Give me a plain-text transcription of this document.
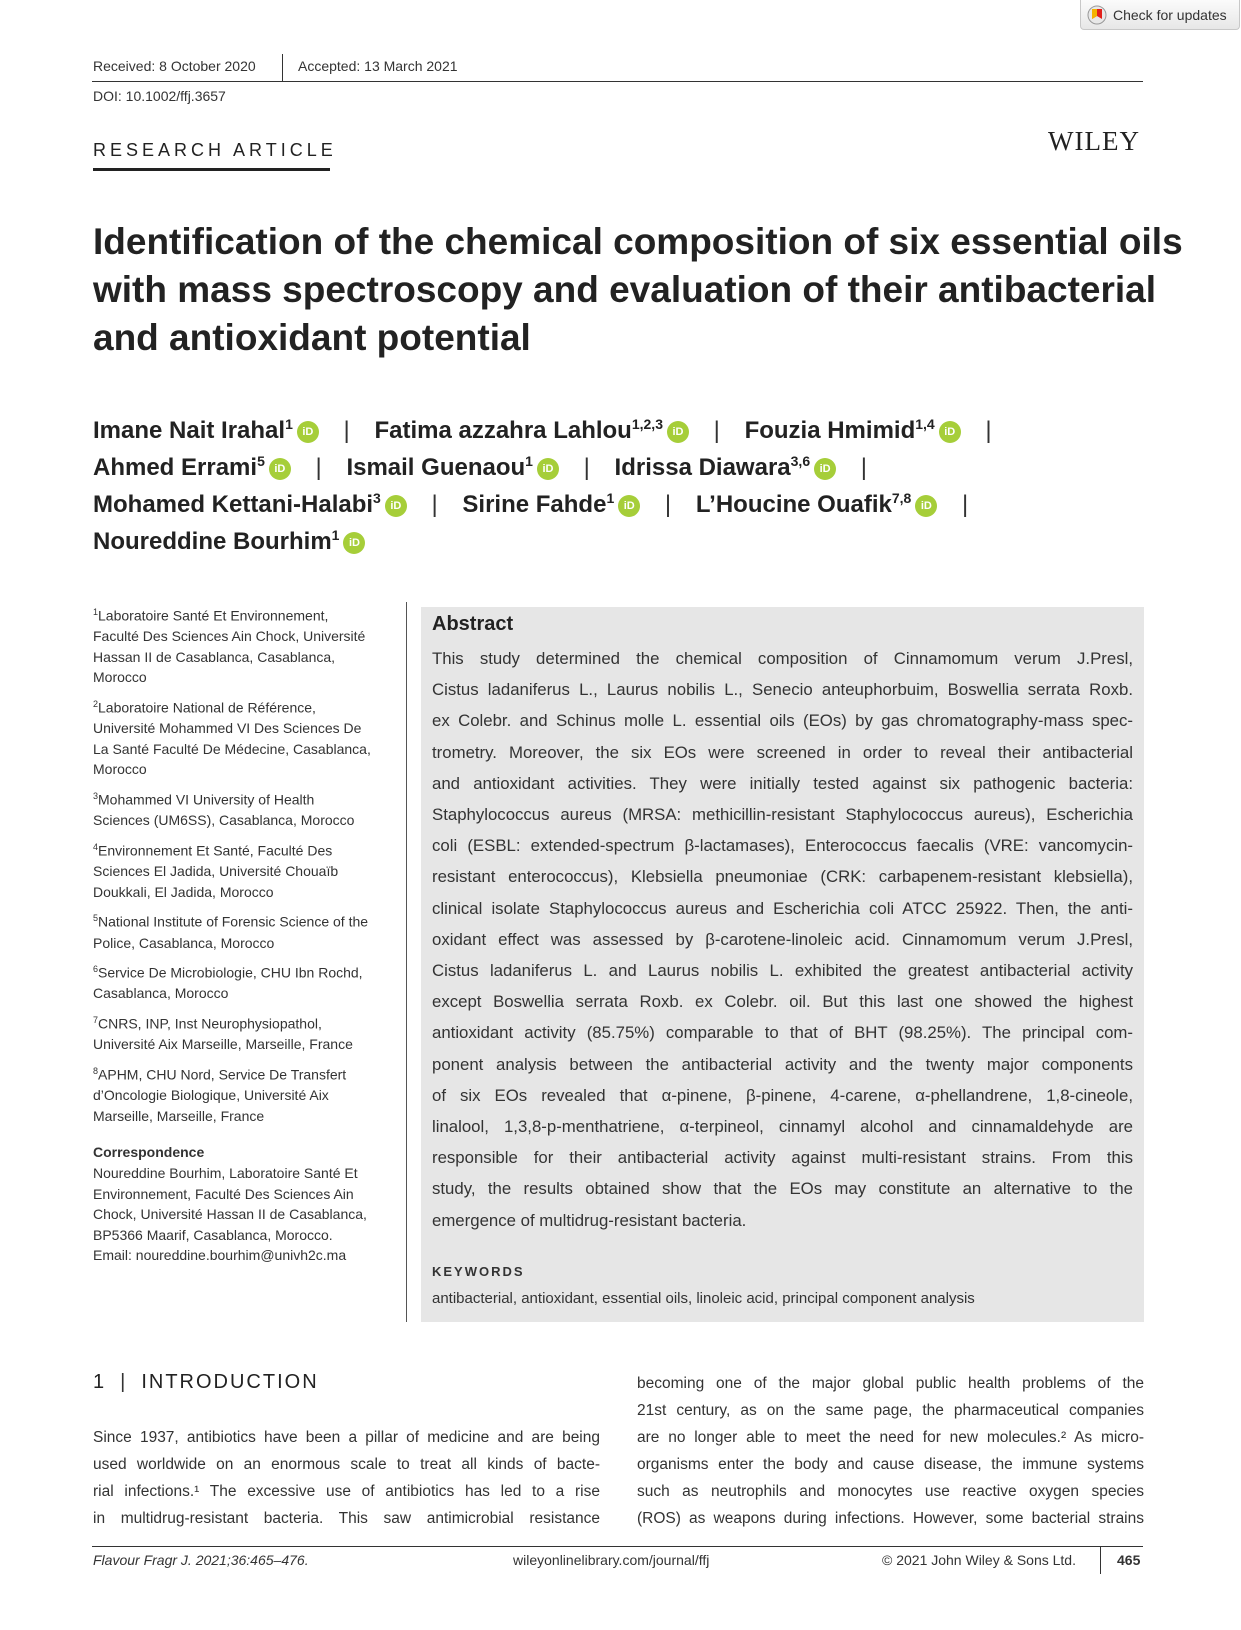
Check for updates
Received: 8 October 2020	Accepted: 13 March 2021
DOI: 10.1002/ffj.3657
RESEARCH ARTICLE	WILEY
Identification of the chemical composition of six essential oils
with mass spectroscopy and evaluation of their antibacterial
and antioxidant potential
Imane Nait Irahal$^1$ iD | Fatima azzahra Lahlou$^{1,2,3}$ iD | Fouzia Hmimid$^{1,4}$ iD |
Ahmed Errami$^5$ iD | Ismail Guenaou$^1$ iD | Idrissa Diawara$^{3,6}$ iD |
Mohamed Kettani-Halabi$^3$ iD | Sirine Fahde$^1$ iD | L’Houcine Ouafik$^{7,8}$ iD |
Noureddine Bourhim$^1$ iD
$^1$Laboratoire Santé Et Environnement,
Faculté Des Sciences Ain Chock, Université
Hassan II de Casablanca, Casablanca,
Morocco
$^2$Laboratoire National de Référence,
Université Mohammed VI Des Sciences De
La Santé Faculté De Médecine, Casablanca,
Morocco
$^3$Mohammed VI University of Health
Sciences (UM6SS), Casablanca, Morocco
$^4$Environnement Et Santé, Faculté Des
Sciences El Jadida, Université Chouaïb
Doukkali, El Jadida, Morocco
$^5$National Institute of Forensic Science of the
Police, Casablanca, Morocco
$^6$Service De Microbiologie, CHU Ibn Rochd,
Casablanca, Morocco
$^7$CNRS, INP, Inst Neurophysiopathol,
Université Aix Marseille, Marseille, France
$^8$APHM, CHU Nord, Service De Transfert
d’Oncologie Biologique, Université Aix
Marseille, Marseille, France
Correspondence
Noureddine Bourhim, Laboratoire Santé Et
Environnement, Faculté Des Sciences Ain
Chock, Université Hassan II de Casablanca,
BP5366 Maarif, Casablanca, Morocco.
Email: noureddine.bourhim@univh2c.ma
Abstract
This study determined the chemical composition of Cinnamomum verum J.Presl,
Cistus ladaniferus L., Laurus nobilis L., Senecio anteuphorbuim, Boswellia serrata Roxb.
ex Colebr. and Schinus molle L. essential oils (EOs) by gas chromatography-mass spec-
trometry. Moreover, the six EOs were screened in order to reveal their antibacterial
and antioxidant activities. They were initially tested against six pathogenic bacteria:
Staphylococcus aureus (MRSA: methicillin-resistant Staphylococcus aureus), Escherichia
coli (ESBL: extended-spectrum β-lactamases), Enterococcus faecalis (VRE: vancomycin-
resistant enterococcus), Klebsiella pneumoniae (CRK: carbapenem-resistant klebsiella),
clinical isolate Staphylococcus aureus and Escherichia coli ATCC 25922. Then, the anti-
oxidant effect was assessed by β-carotene-linoleic acid. Cinnamomum verum J.Presl,
Cistus ladaniferus L. and Laurus nobilis L. exhibited the greatest antibacterial activity
except Boswellia serrata Roxb. ex Colebr. oil. But this last one showed the highest
antioxidant activity (85.75%) comparable to that of BHT (98.25%). The principal com-
ponent analysis between the antibacterial activity and the twenty major components
of six EOs revealed that α-pinene, β-pinene, 4-carene, α-phellandrene, 1,8-cineole,
linalool, 1,3,8-p-menthatriene, α-terpineol, cinnamyl alcohol and cinnamaldehyde are
responsible for their antibacterial activity against multi-resistant strains. From this
study, the results obtained show that the EOs may constitute an alternative to the
emergence of multidrug-resistant bacteria.
KEYWORDS
antibacterial, antioxidant, essential oils, linoleic acid, principal component analysis
1 | INTRODUCTION
Since 1937, antibiotics have been a pillar of medicine and are being
used worldwide on an enormous scale to treat all kinds of bacte-
rial infections.¹ The excessive use of antibiotics has led to a rise
in multidrug-resistant bacteria. This saw antimicrobial resistance
becoming one of the major global public health problems of the
21st century, as on the same page, the pharmaceutical companies
are no longer able to meet the need for new molecules.² As micro-
organisms enter the body and cause disease, the immune systems
such as neutrophils and monocytes use reactive oxygen species
(ROS) as weapons during infections. However, some bacterial strains
Flavour Fragr J. 2021;36:465–476.	wileyonlinelibrary.com/journal/ffj	© 2021 John Wiley & Sons Ltd.	465
